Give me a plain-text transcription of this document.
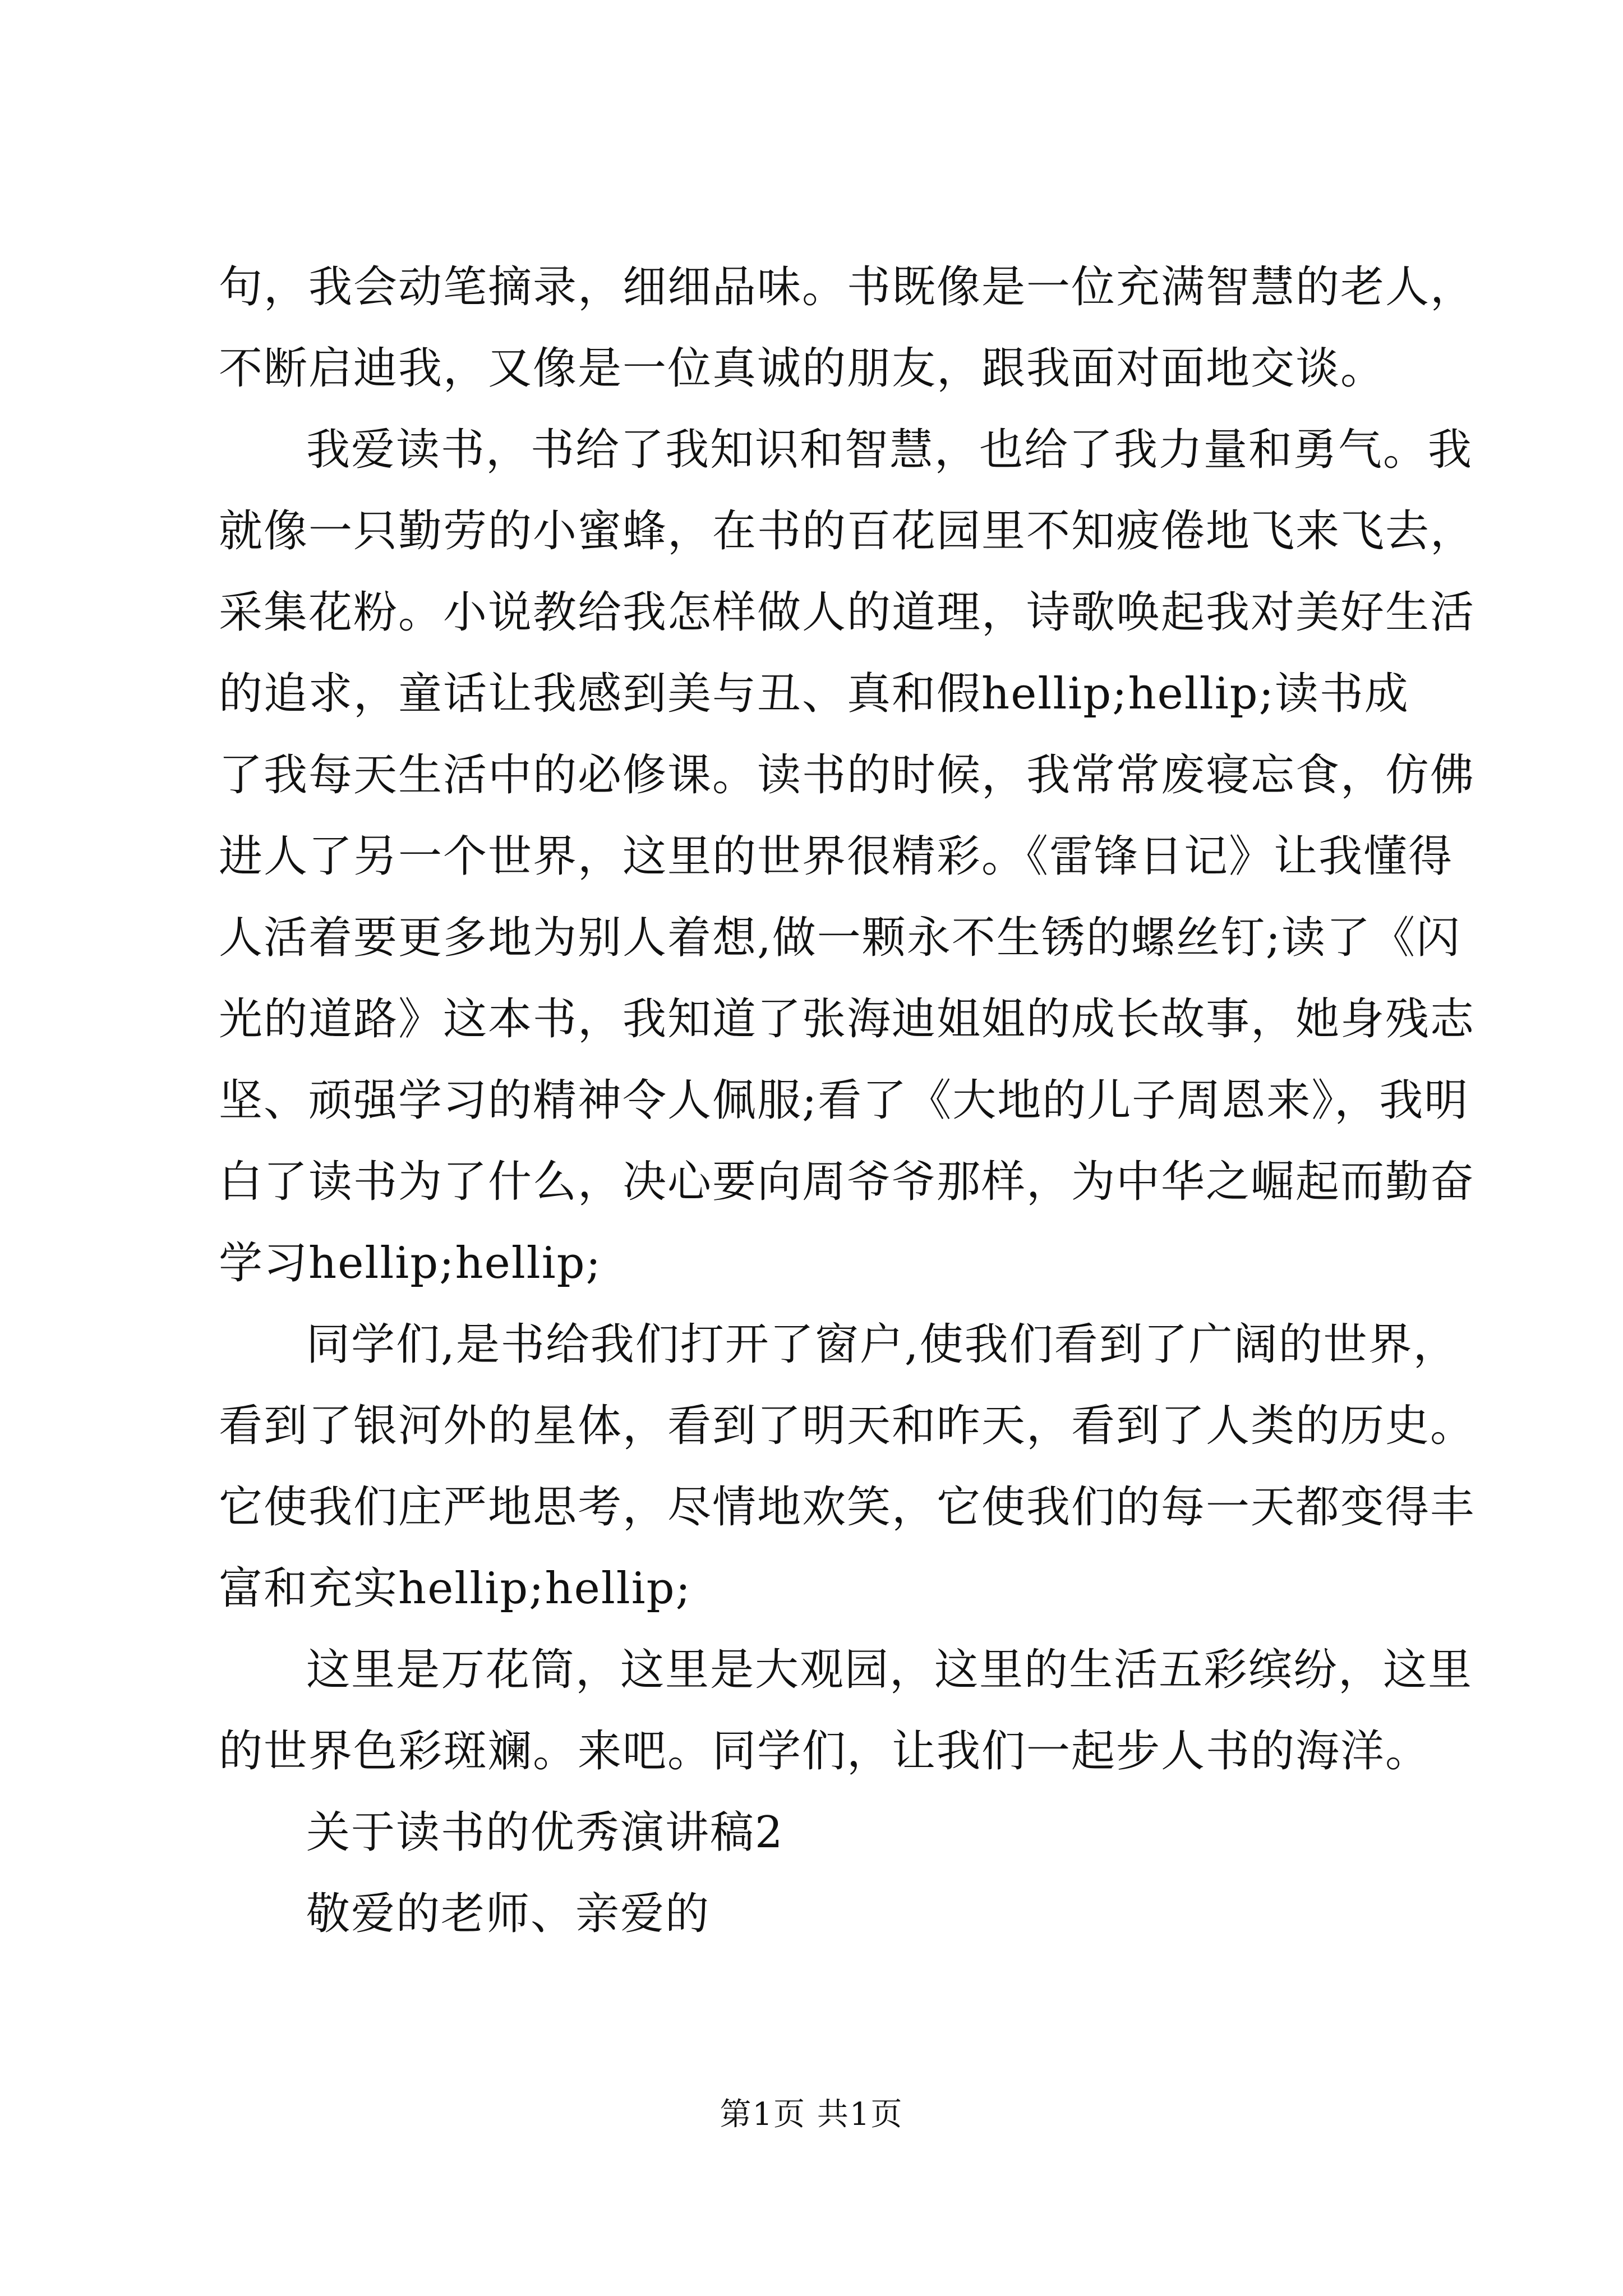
句，我会动笔摘录，细细品味。书既像是一位充满智慧的老人，
不断启迪我，又像是一位真诚的朋友，跟我面对面地交谈。
我爱读书，书给了我知识和智慧，也给了我力量和勇气。我
就像一只勤劳的小蜜蜂，在书的百花园里不知疲倦地飞来飞去，
采集花粉。小说教给我怎样做人的道理，诗歌唤起我对美好生活
的追求，童话让我感到美与丑、真和假hellip;hellip;读书成
了我每天生活中的必修课。读书的时候，我常常废寝忘食，仿佛
进人了另一个世界，这里的世界很精彩。《雷锋日记》让我懂得
人活着要更多地为别人着想,做一颗永不生锈的螺丝钉;读了《闪
光的道路》这本书，我知道了张海迪姐姐的成长故事，她身残志
坚、顽强学习的精神令人佩服;看了《大地的儿子周恩来》，我明
白了读书为了什么，决心要向周爷爷那样，为中华之崛起而勤奋
学习hellip;hellip;
同学们,是书给我们打开了窗户,使我们看到了广阔的世界，
看到了银河外的星体，看到了明天和昨天，看到了人类的历史。
它使我们庄严地思考，尽情地欢笑，它使我们的每一天都变得丰
富和充实hellip;hellip;
这里是万花筒，这里是大观园，这里的生活五彩缤纷，这里
的世界色彩斑斓。来吧。同学们，让我们一起步人书的海洋。
关于读书的优秀演讲稿2
敬爱的老师、亲爱的
第1页 共1页
